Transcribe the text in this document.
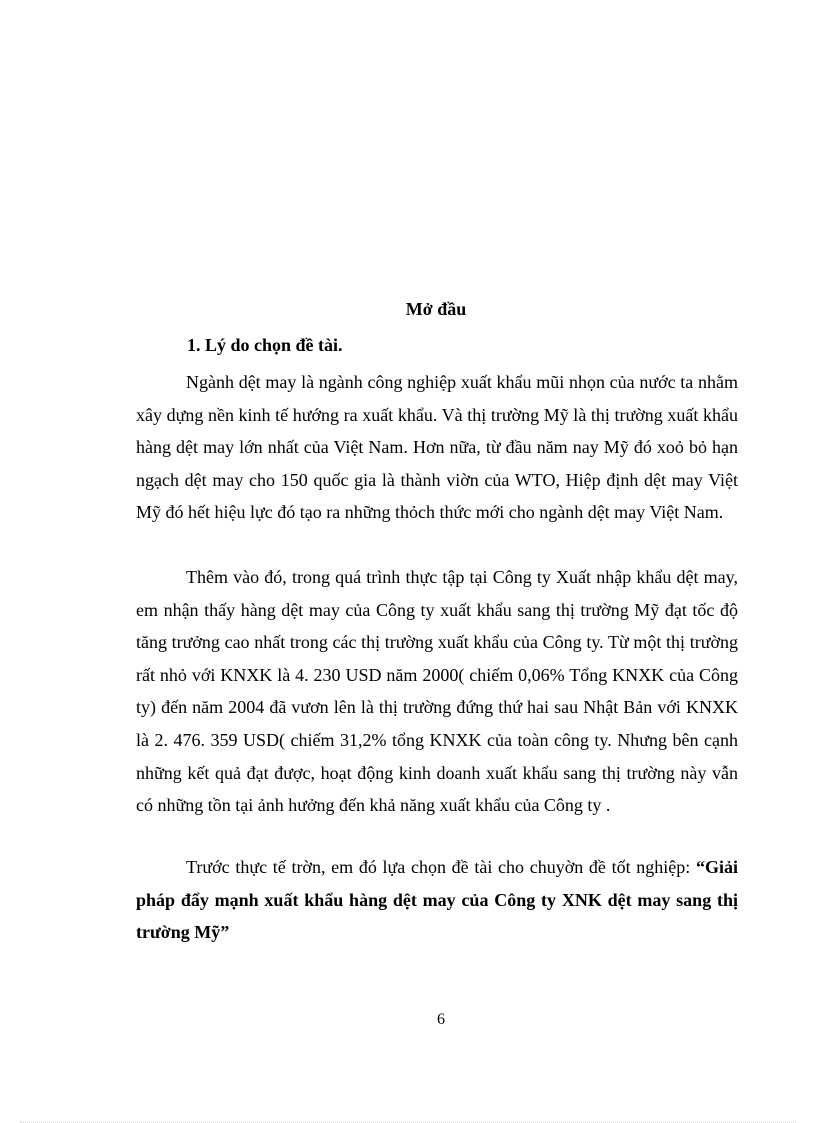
Mở đầu
1. Lý do chọn đề tài.
Ngành dệt may là ngành công nghiệp xuất khẩu mũi nhọn của nước ta nhằm xây dựng nền kinh tế hướng ra xuất khẩu. Và thị trường Mỹ là thị trường xuất khẩu hàng dệt may lớn nhất của Việt Nam. Hơn nữa, từ đầu năm nay Mỹ đó xoỏ bỏ hạn ngạch dệt may cho 150 quốc gia là thành viờn của WTO, Hiệp định dệt may Việt Mỹ đó hết hiệu lực đó tạo ra những thỏch thức mới cho ngành dệt may Việt Nam.
Thêm vào đó, trong quá trình thực tập tại Công ty Xuất nhập khẩu dệt may, em nhận thấy hàng dệt may của Công ty xuất khẩu sang thị trường Mỹ đạt tốc độ tăng trưởng cao nhất trong các thị trường xuất khẩu của Công ty. Từ một thị trường rất nhỏ với KNXK là 4. 230 USD năm 2000( chiếm 0,06% Tổng KNXK của Công ty) đến năm 2004 đã vươn lên là thị trường đứng thứ hai sau Nhật Bản với KNXK là 2. 476. 359 USD( chiếm 31,2% tổng KNXK của toàn công ty. Nhưng bên cạnh những kết quả đạt được, hoạt động kinh doanh xuất khẩu sang thị trường này vẫn có những tồn tại ảnh hưởng đến khả năng xuất khẩu của Công ty .
Trước thực tế trờn, em đó lựa chọn đề tài cho chuyờn đề tốt nghiệp: “Giải pháp đẩy mạnh xuất khẩu hàng dệt may của Công ty XNK dệt may sang thị trường Mỹ”
6
